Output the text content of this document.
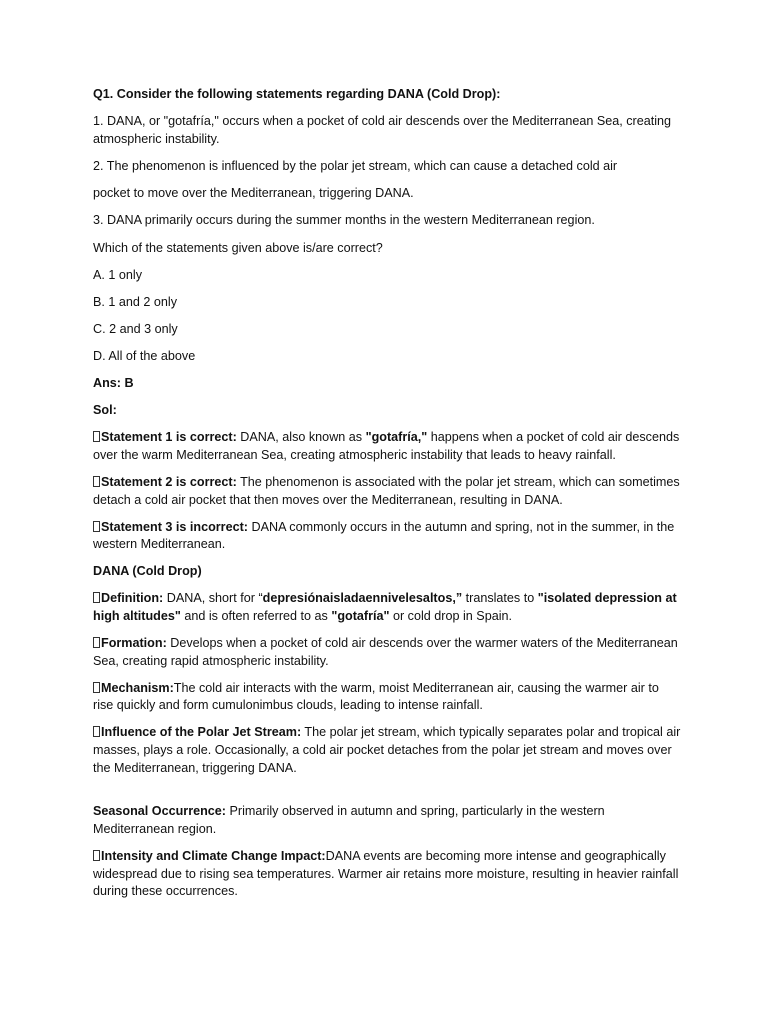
Q1. Consider the following statements regarding DANA (Cold Drop):

1. DANA, or "gotafría," occurs when a pocket of cold air descends over the Mediterranean Sea, creating atmospheric instability.

2. The phenomenon is influenced by the polar jet stream, which can cause a detached cold air

pocket to move over the Mediterranean, triggering DANA.

3. DANA primarily occurs during the summer months in the western Mediterranean region.

Which of the statements given above is/are correct?

A. 1 only

B. 1 and 2 only

C. 2 and 3 only

D. All of the above

Ans: B

Sol:

Statement 1 is correct: DANA, also known as "gotafría," happens when a pocket of cold air descends over the warm Mediterranean Sea, creating atmospheric instability that leads to heavy rainfall.

Statement 2 is correct: The phenomenon is associated with the polar jet stream, which can sometimes detach a cold air pocket that then moves over the Mediterranean, resulting in DANA.

Statement 3 is incorrect: DANA commonly occurs in the autumn and spring, not in the summer, in the western Mediterranean.

DANA (Cold Drop)

Definition: DANA, short for “depresiónaisladaennivelesaltos,” translates to "isolated depression at high altitudes" and is often referred to as "gotafría" or cold drop in Spain.

Formation: Develops when a pocket of cold air descends over the warmer waters of the Mediterranean Sea, creating rapid atmospheric instability.

Mechanism:The cold air interacts with the warm, moist Mediterranean air, causing the warmer air to rise quickly and form cumulonimbus clouds, leading to intense rainfall.

Influence of the Polar Jet Stream: The polar jet stream, which typically separates polar and tropical air masses, plays a role. Occasionally, a cold air pocket detaches from the polar jet stream and moves over the Mediterranean, triggering DANA.

Seasonal Occurrence: Primarily observed in autumn and spring, particularly in the western Mediterranean region.

Intensity and Climate Change Impact:DANA events are becoming more intense and geographically widespread due to rising sea temperatures. Warmer air retains more moisture, resulting in heavier rainfall during these occurrences.
